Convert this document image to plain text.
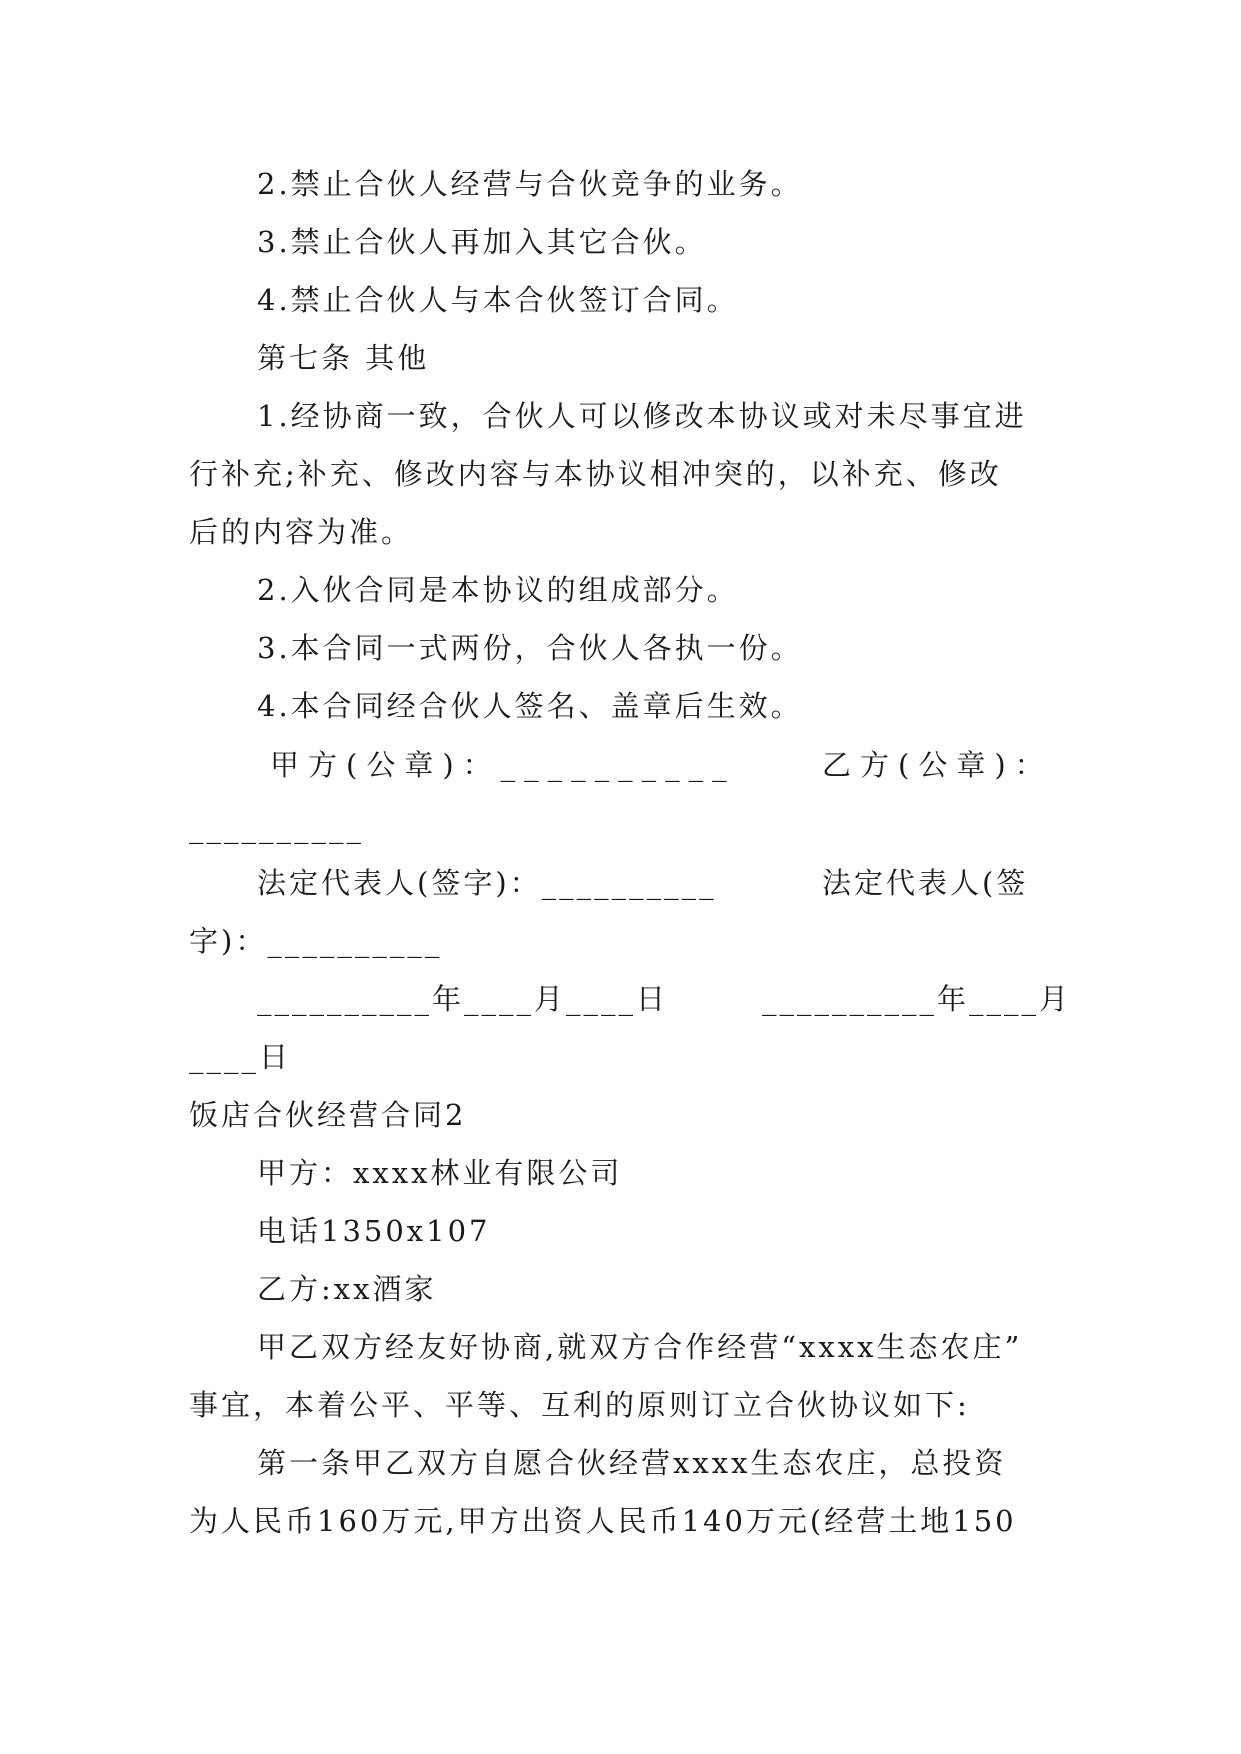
2.禁止合伙人经营与合伙竞争的业务。

3.禁止合伙人再加入其它合伙。

4.禁止合伙人与本合伙签订合同。

第七条 其他

1.经协商一致，合伙人可以修改本协议或对未尽事宜进

行补充;补充、修改内容与本协议相冲突的，以补充、修改

后的内容为准。

2.入伙合同是本协议的组成部分。

3.本合同一式两份，合伙人各执一份。

4.本合同经合伙人签名、盖章后生效。

甲方(公章)：__________	乙方(公章)：

__________

法定代表人(签字)：__________	法定代表人(签

字)：__________

__________年____月____日	__________年____月

____日

饭店合伙经营合同2

甲方：xxxx林业有限公司

电话1350x107

乙方:xx酒家

甲乙双方经友好协商,就双方合作经营“xxxx生态农庄”

事宜，本着公平、平等、互利的原则订立合伙协议如下:

第一条甲乙双方自愿合伙经营xxxx生态农庄，总投资

为人民币160万元,甲方出资人民币140万元(经营土地150
